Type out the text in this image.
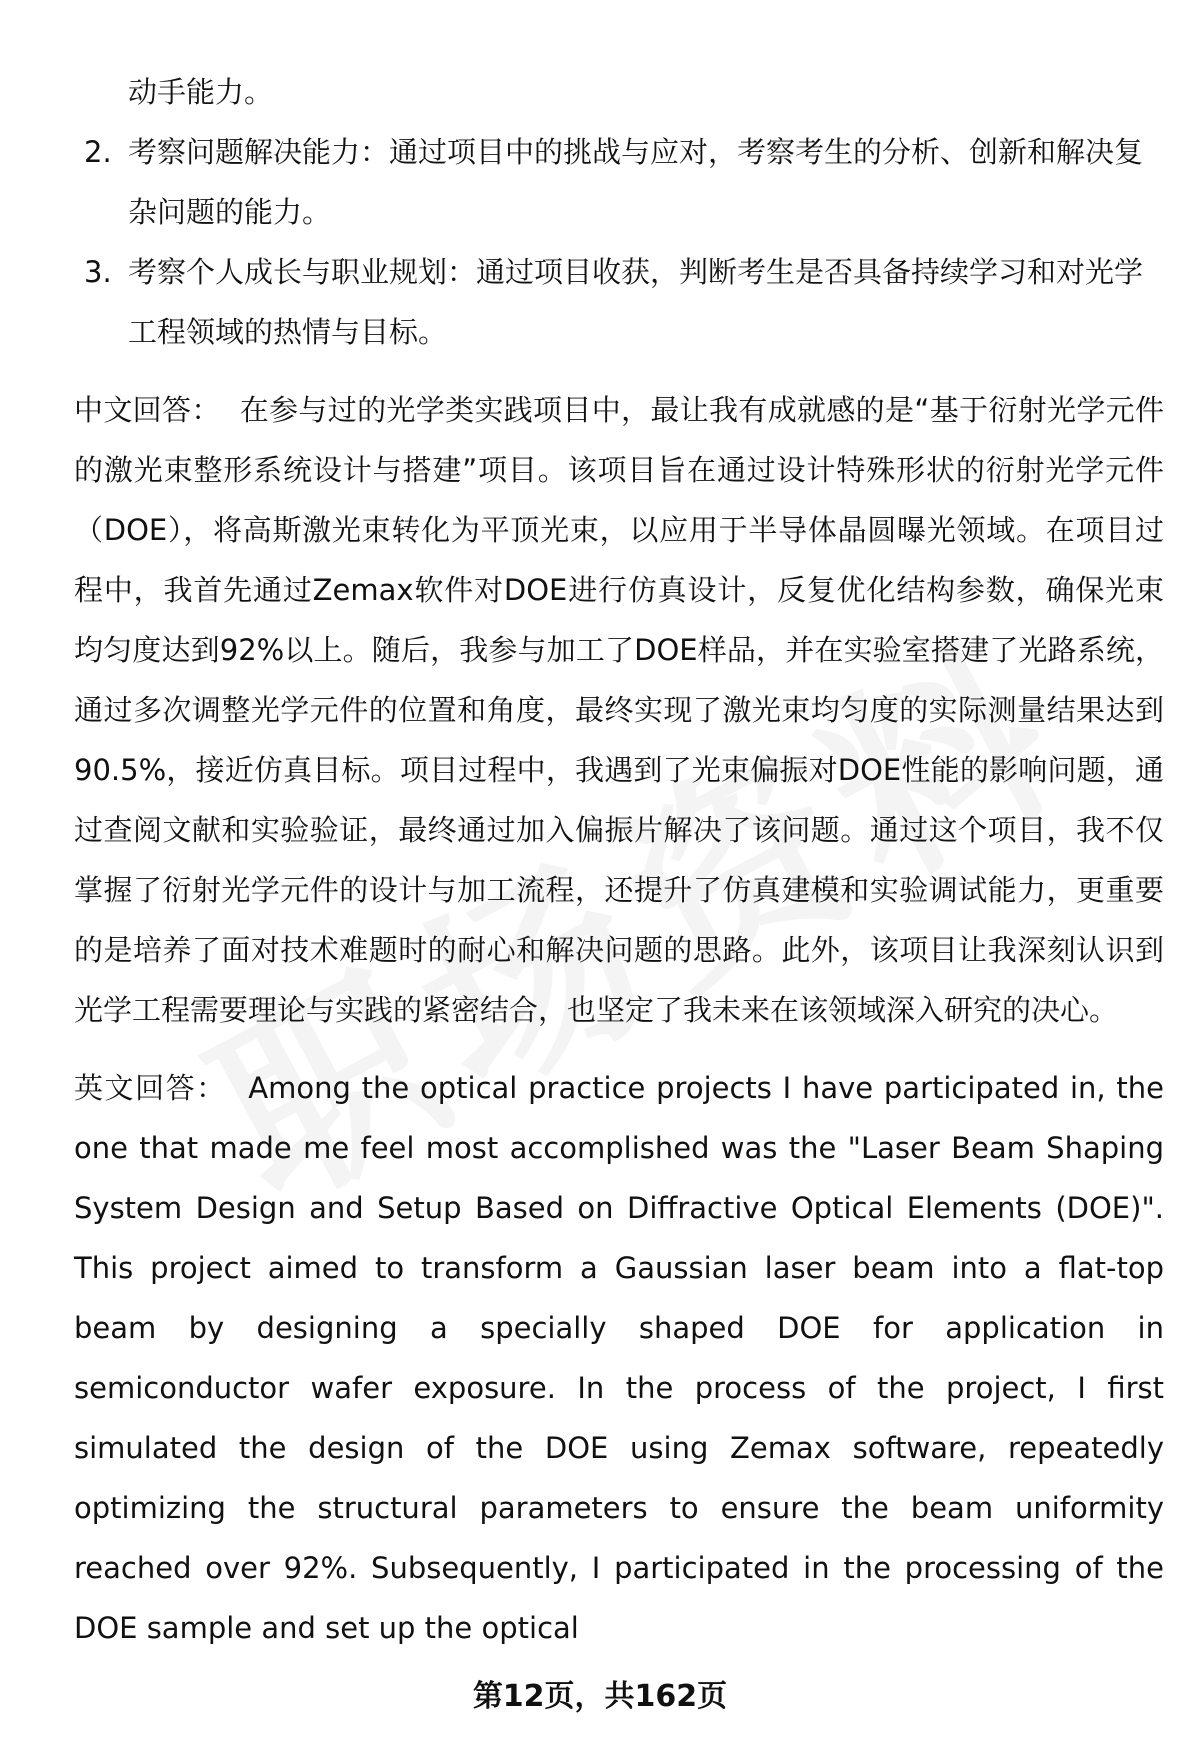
动手能力。

2. 考察问题解决能力：通过项目中的挑战与应对，考察考生的分析、创新和解决复杂问题的能力。
3. 考察个人成长与职业规划：通过项目收获，判断考生是否具备持续学习和对光学工程领域的热情与目标。

中文回答： 在参与过的光学类实践项目中，最让我有成就感的是“基于衍射光学元件的激光束整形系统设计与搭建”项目。该项目旨在通过设计特殊形状的衍射光学元件（DOE），将高斯激光束转化为平顶光束，以应用于半导体晶圆曝光领域。在项目过程中，我首先通过Zemax软件对DOE进行仿真设计，反复优化结构参数，确保光束均匀度达到92%以上。随后，我参与加工了DOE样品，并在实验室搭建了光路系统，通过多次调整光学元件的位置和角度，最终实现了激光束均匀度的实际测量结果达到90.5%，接近仿真目标。项目过程中，我遇到了光束偏振对DOE性能的影响问题，通过查阅文献和实验验证，最终通过加入偏振片解决了该问题。通过这个项目，我不仅掌握了衍射光学元件的设计与加工流程，还提升了仿真建模和实验调试能力，更重要的是培养了面对技术难题时的耐心和解决问题的思路。此外，该项目让我深刻认识到光学工程需要理论与实践的紧密结合，也坚定了我未来在该领域深入研究的决心。

英文回答： Among the optical practice projects I have participated in, the one that made me feel most accomplished was the "Laser Beam Shaping System Design and Setup Based on Diffractive Optical Elements (DOE)". This project aimed to transform a Gaussian laser beam into a flat-top beam by designing a specially shaped DOE for application in semiconductor wafer exposure. In the process of the project, I first simulated the design of the DOE using Zemax software, repeatedly optimizing the structural parameters to ensure the beam uniformity reached over 92%. Subsequently, I participated in the processing of the DOE sample and set up the optical

第12页，共162页
